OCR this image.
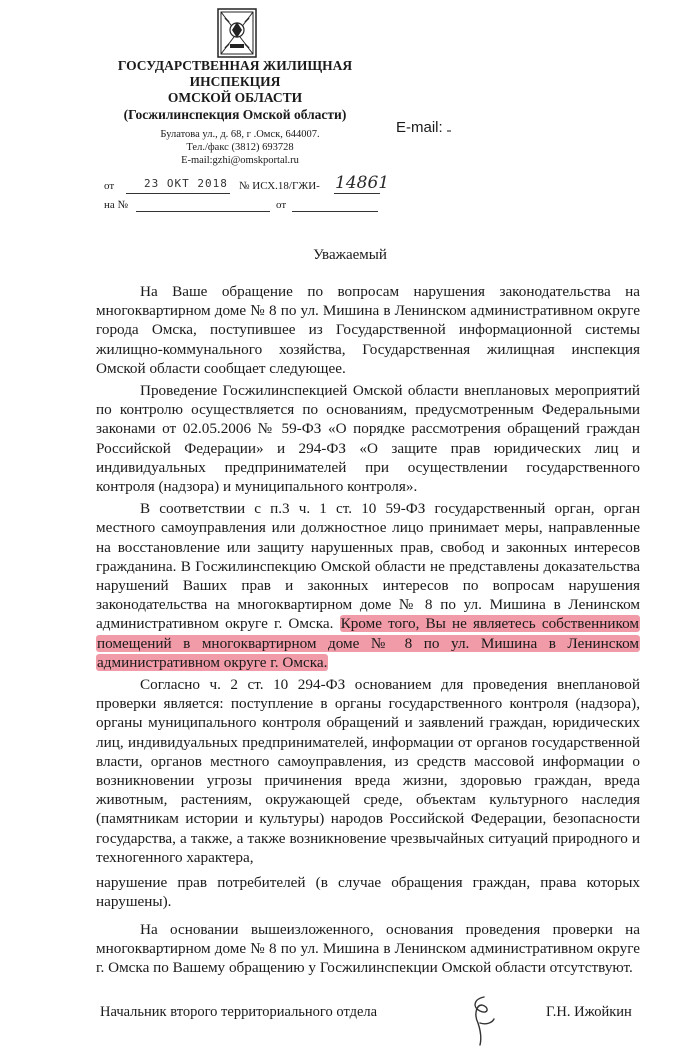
ГОСУДАРСТВЕННАЯ ЖИЛИЩНАЯ
ИНСПЕКЦИЯ
ОМСКОЙ ОБЛАСТИ
(Госжилинспекция Омской области)
Булатова ул., д. 68, г .Омск, 644007.
Тел./факс (3812) 693728
E-mail:gzhi@omskportal.ru
E-mail:
от	23 ОКТ 2018 № ИСХ.18/ГЖИ- 14861
на №	от
Уважаемый

На Ваше обращение по вопросам нарушения законодательства на многоквартирном доме № 8 по ул. Мишина в Ленинском административном округе города Омска, поступившее из Государственной информационной системы жилищно-коммунального хозяйства, Государственная жилищная инспекция Омской области сообщает следующее.

Проведение Госжилинспекцией Омской области внеплановых мероприятий по контролю осуществляется по основаниям, предусмотренным Федеральными законами от 02.05.2006 № 59-ФЗ «О порядке рассмотрения обращений граждан Российской Федерации» и 294-ФЗ «О защите прав юридических лиц и индивидуальных предпринимателей при осуществлении государственного контроля (надзора) и муниципального контроля».

В соответствии с п.3 ч. 1 ст. 10 59-ФЗ государственный орган, орган местного самоуправления или должностное лицо принимает меры, направленные на восстановление или защиту нарушенных прав, свобод и законных интересов гражданина. В Госжилинспекцию Омской области не представлены доказательства нарушений Ваших прав и законных интересов по вопросам нарушения законодательства на многоквартирном доме № 8 по ул. Мишина в Ленинском административном округе г. Омска. Кроме того, Вы не являетесь собственником помещений в многоквартирном доме № 8 по ул. Мишина в Ленинском административном округе г. Омска.

Согласно ч. 2 ст. 10 294-ФЗ основанием для проведения внеплановой проверки является: поступление в органы государственного контроля (надзора), органы муниципального контроля обращений и заявлений граждан, юридических лиц, индивидуальных предпринимателей, информации от органов государственной власти, органов местного самоуправления, из средств массовой информации о возникновении угрозы причинения вреда жизни, здоровью граждан, вреда животным, растениям, окружающей среде, объектам культурного наследия (памятникам истории и культуры) народов Российской Федерации, безопасности государства, а также, а также возникновение чрезвычайных ситуаций природного и техногенного характера,

нарушение прав потребителей (в случае обращения граждан, права которых нарушены).

На основании вышеизложенного, основания проведения проверки на многоквартирном доме № 8 по ул. Мишина в Ленинском административном округе г. Омска по Вашему обращению у Госжилинспекции Омской области отсутствуют.

Начальник второго территориального отдела	Г.Н. Ижойкин
